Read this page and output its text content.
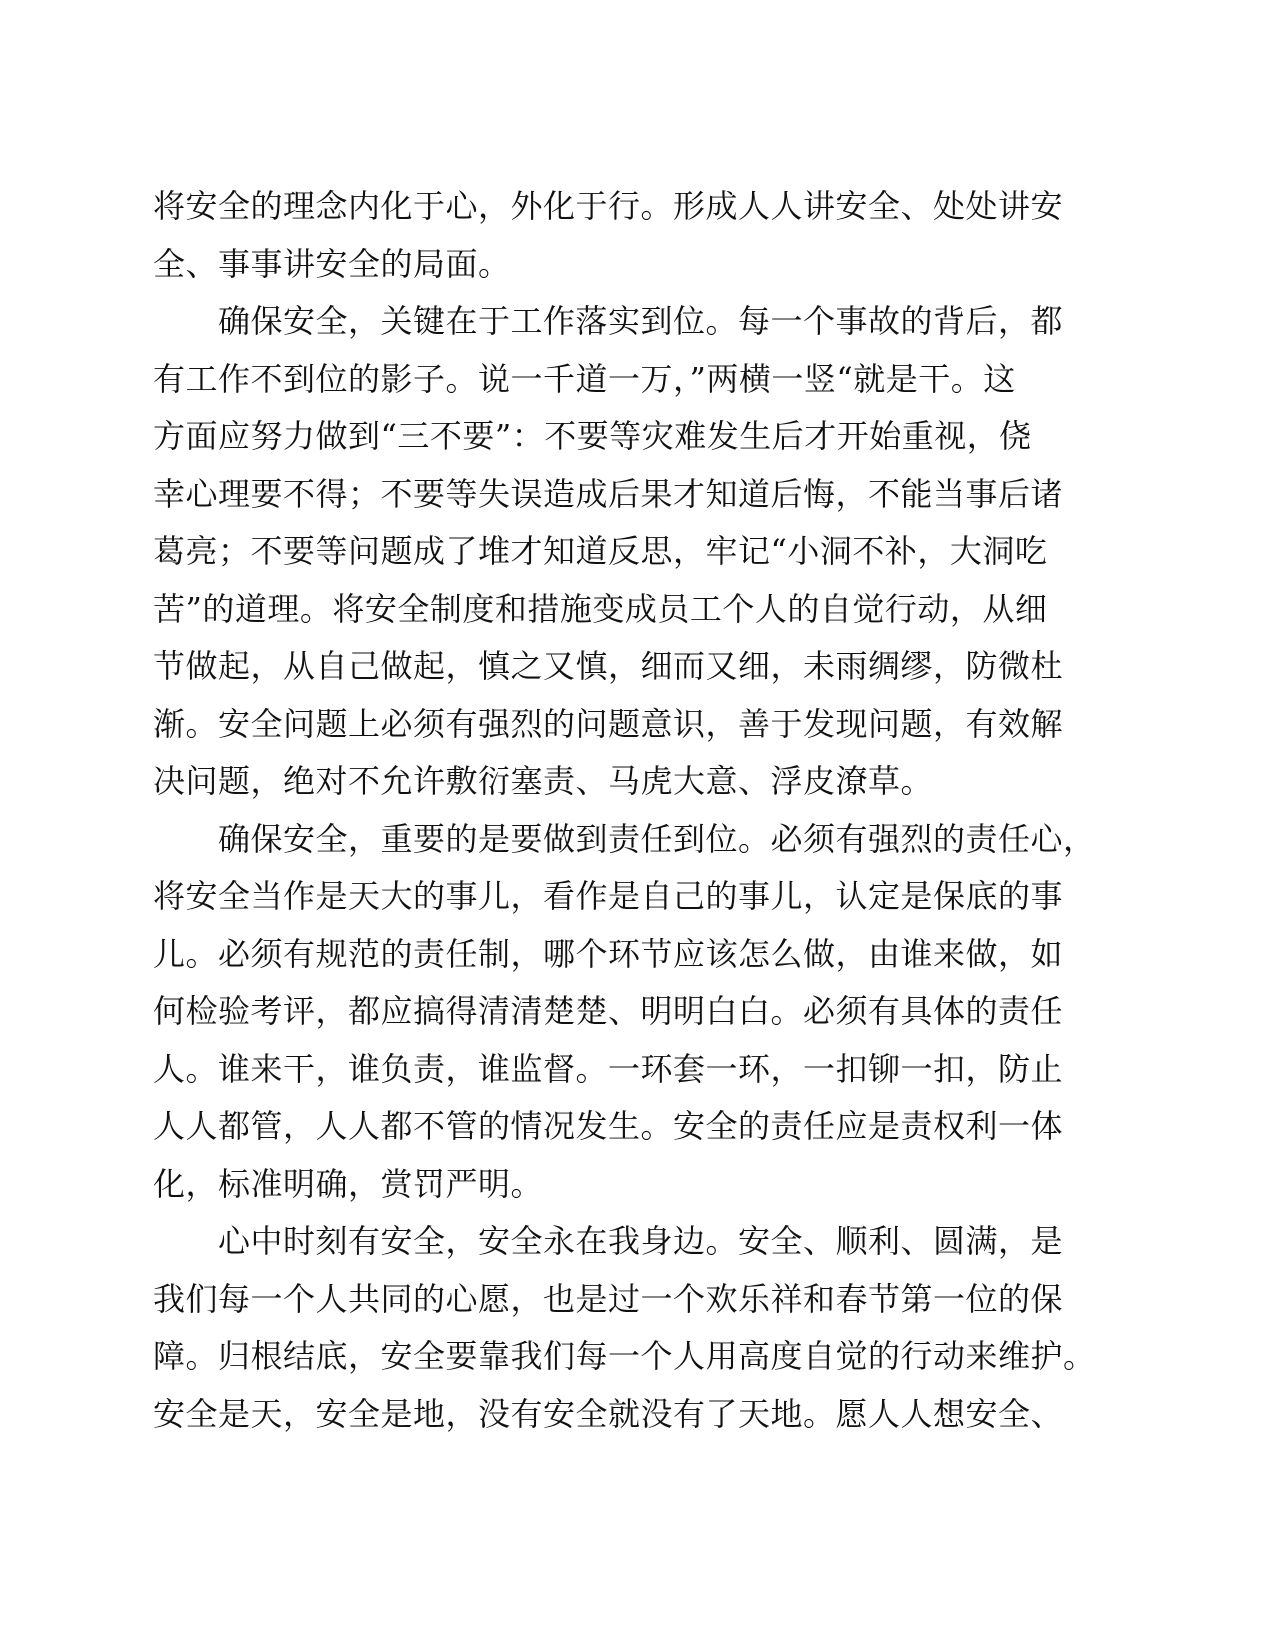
将安全的理念内化于心，外化于行。形成人人讲安全、处处讲安
全、事事讲安全的局面。
　　确保安全，关键在于工作落实到位。每一个事故的背后，都
有工作不到位的影子。说一千道一万，”两横一竖“就是干。这
方面应努力做到“三不要”：不要等灾难发生后才开始重视，侥
幸心理要不得；不要等失误造成后果才知道后悔，不能当事后诸
葛亮；不要等问题成了堆才知道反思，牢记“小洞不补，大洞吃
苦”的道理。将安全制度和措施变成员工个人的自觉行动，从细
节做起，从自己做起，慎之又慎，细而又细，未雨绸缪，防微杜
渐。安全问题上必须有强烈的问题意识，善于发现问题，有效解
决问题，绝对不允许敷衍塞责、马虎大意、浮皮潦草。
　　确保安全，重要的是要做到责任到位。必须有强烈的责任心，
将安全当作是天大的事儿，看作是自己的事儿，认定是保底的事
儿。必须有规范的责任制，哪个环节应该怎么做，由谁来做，如
何检验考评，都应搞得清清楚楚、明明白白。必须有具体的责任
人。谁来干，谁负责，谁监督。一环套一环，一扣铆一扣，防止
人人都管，人人都不管的情况发生。安全的责任应是责权利一体
化，标准明确，赏罚严明。
　　心中时刻有安全，安全永在我身边。安全、顺利、圆满，是
我们每一个人共同的心愿，也是过一个欢乐祥和春节第一位的保
障。归根结底，安全要靠我们每一个人用高度自觉的行动来维护。
安全是天，安全是地，没有安全就没有了天地。愿人人想安全、
